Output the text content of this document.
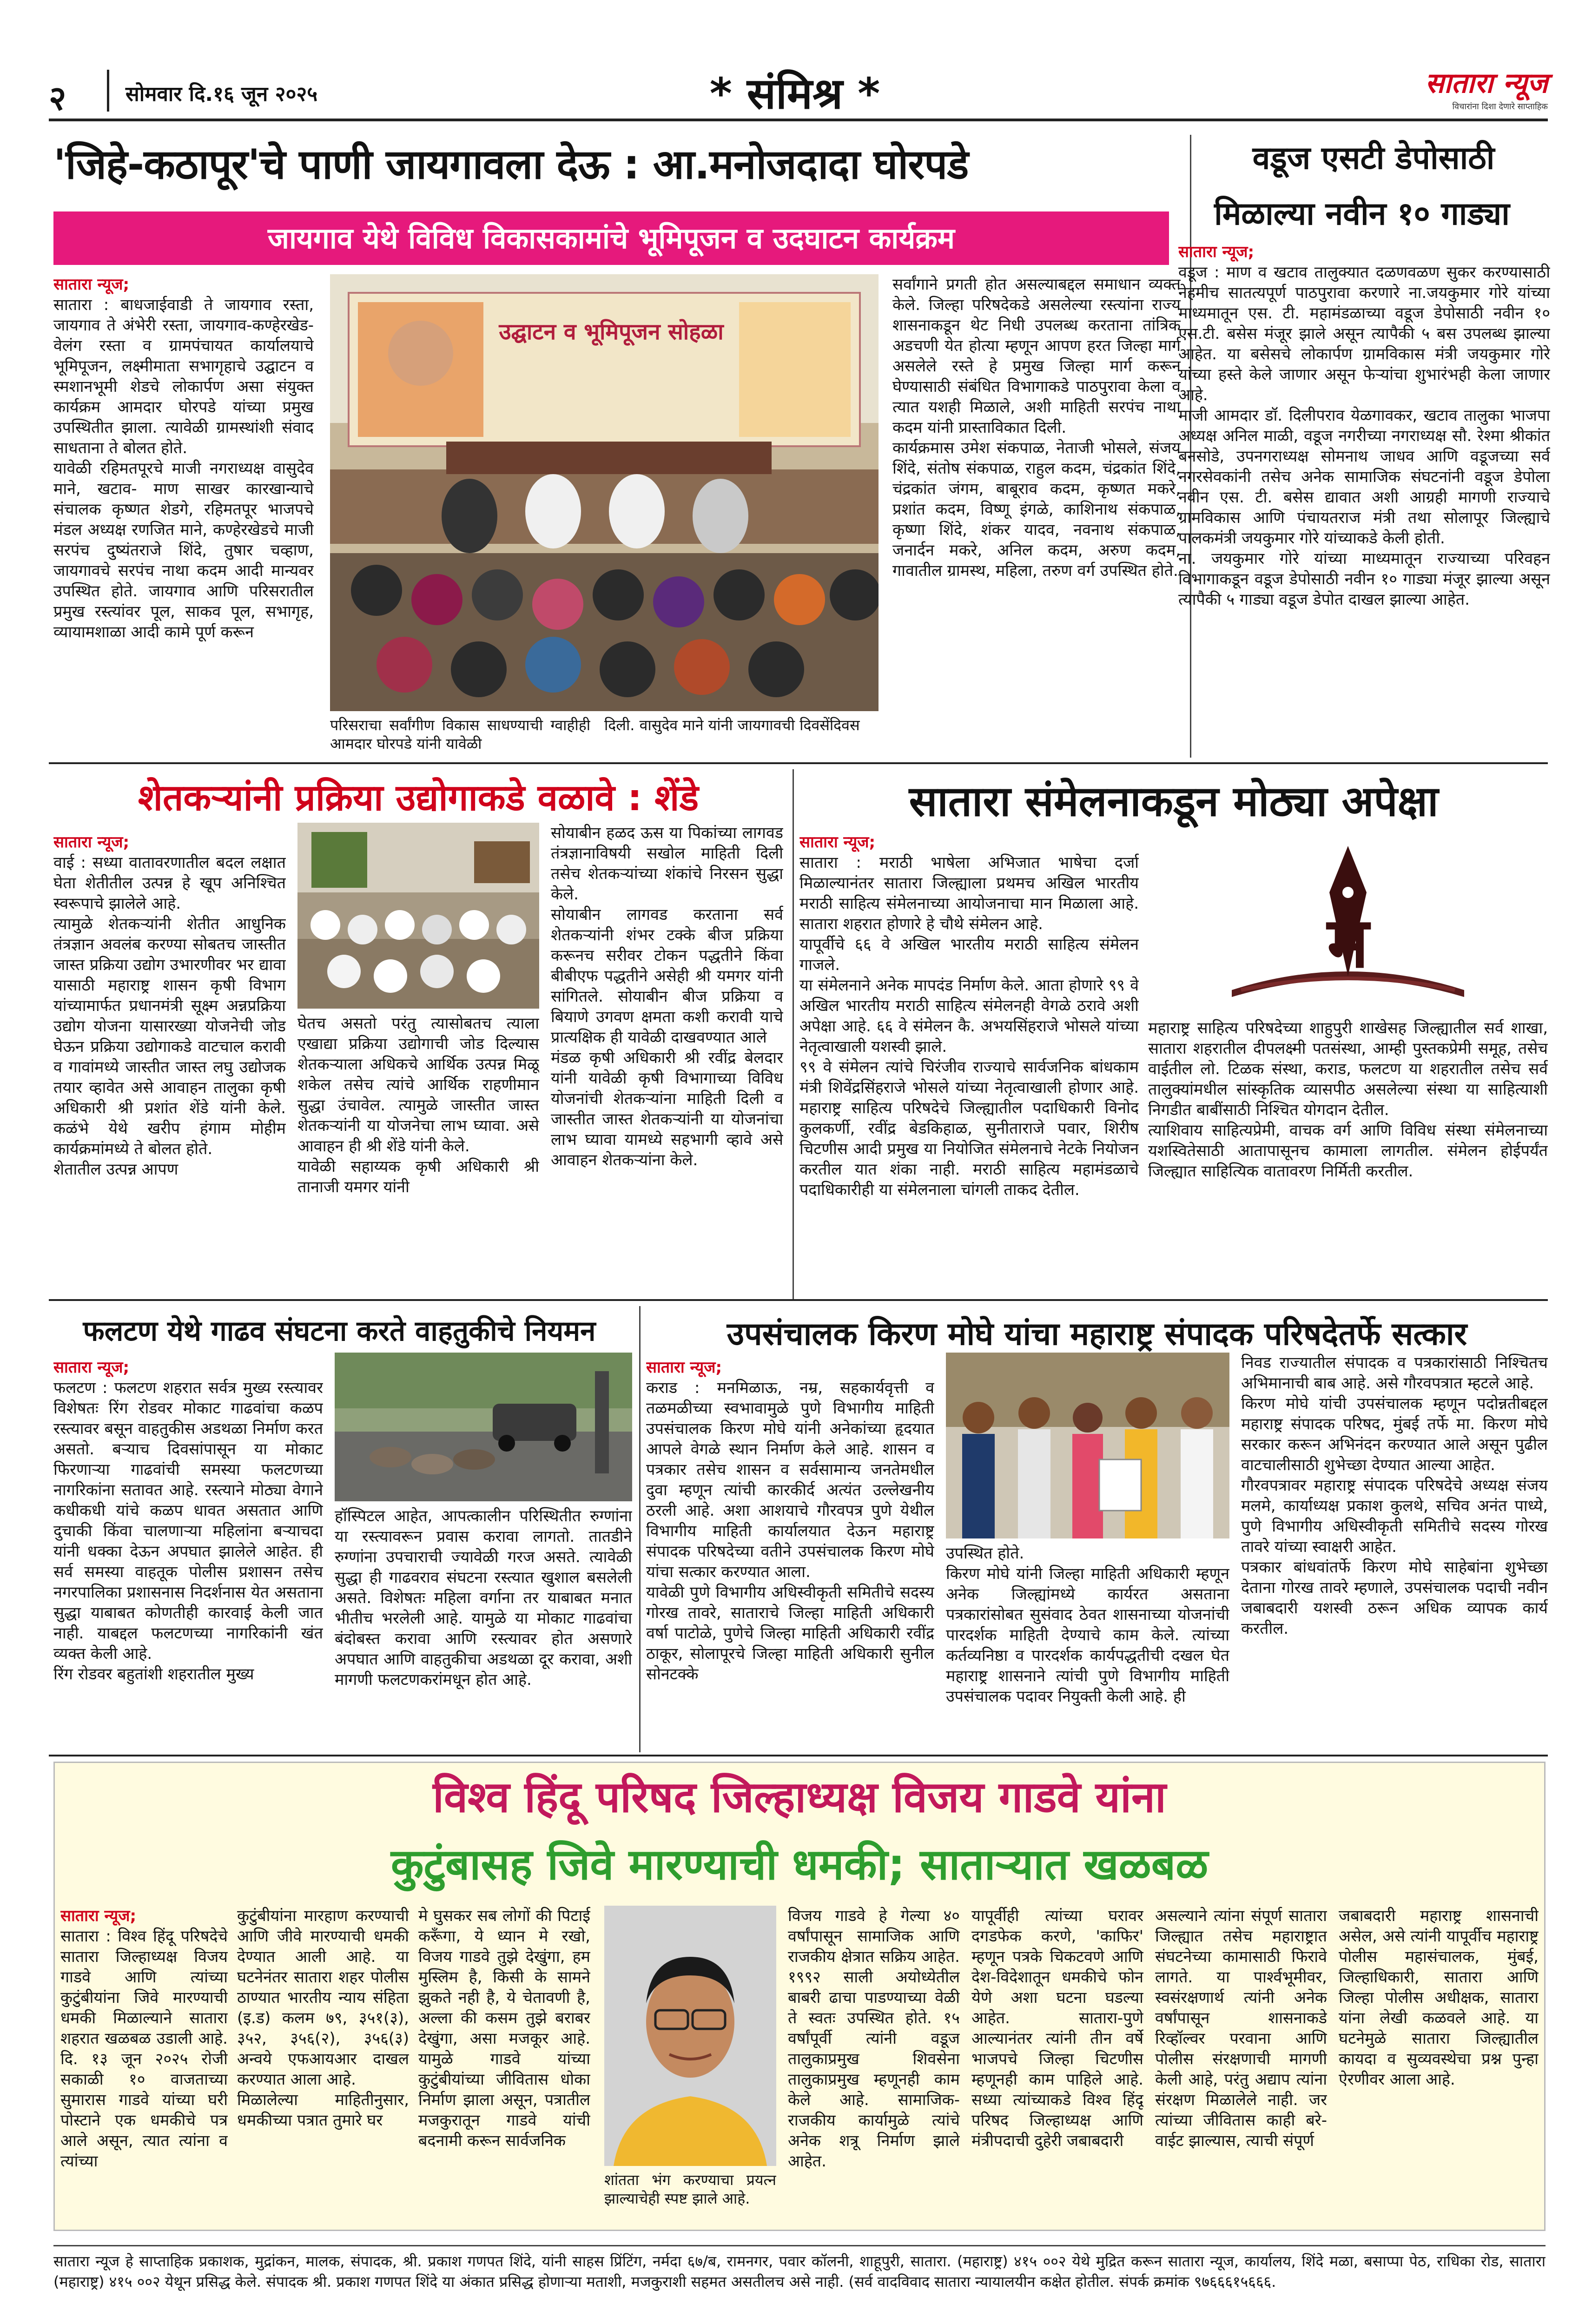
२	सोमवार दि.१६ जून २०२५	* संमिश्र *	सातारा न्यूज
विचारांना दिशा देणारे साप्ताहिक
'जिहे-कठापूर'चे पाणी जायगावला देऊ : आ.मनोजदादा घोरपडे
जायगाव येथे विविध विकासकामांचे भूमिपूजन व उदघाटन कार्यक्रम
सातारा न्यूज;
सातारा : बाधजाईवाडी ते जायगाव रस्ता, जायगाव ते अंभेरी रस्ता, जायगाव-कण्हेरखेड- वेलंग रस्ता व ग्रामपंचायत कार्यालयाचे भूमिपूजन, लक्ष्मीमाता सभागृहाचे उद्घाटन व स्मशानभूमी शेडचे लोकार्पण असा संयुक्त कार्यक्रम आमदार घोरपडे यांच्या प्रमुख उपस्थितीत झाला. त्यावेळी ग्रामस्थांशी संवाद साधताना ते बोलत होते.
यावेळी रहिमतपूरचे माजी नगराध्यक्ष वासुदेव माने, खटाव- माण साखर कारखान्याचे संचालक कृष्णत शेडगे, रहिमतपूर भाजपचे मंडल अध्यक्ष रणजित माने, कण्हेरखेडचे माजी सरपंच दुष्यंतराजे शिंदे, तुषार चव्हाण, जायगावचे सरपंच नाथा कदम आदी मान्यवर उपस्थित होते. जायगाव आणि परिसरातील प्रमुख रस्त्यांवर पूल, साकव पूल, सभागृह, व्यायामशाळा आदी कामे पूर्ण करून
उद्घाटन व भूमिपूजन सोहळा
परिसराचा सर्वांगीण विकास साधण्याची ग्वाहीही आमदार घोरपडे यांनी यावेळी
दिली. वासुदेव माने यांनी जायगावची दिवसेंदिवस
सर्वांगाने प्रगती होत असल्याबद्दल समाधान व्यक्त केले. जिल्हा परिषदेकडे असलेल्या रस्त्यांना राज्य शासनाकडून थेट निधी उपलब्ध करताना तांत्रिक अडचणी येत होत्या म्हणून आपण हरत जिल्हा मार्ग असलेले रस्ते हे प्रमुख जिल्हा मार्ग करून घेण्यासाठी संबंधित विभागाकडे पाठपुरावा केला व त्यात यशही मिळाले, अशी माहिती सरपंच नाथा कदम यांनी प्रास्ताविकात दिली.
कार्यक्रमास उमेश संकपाळ, नेताजी भोसले, संजय शिंदे, संतोष संकपाळ, राहुल कदम, चंद्रकांत शिंदे, चंद्रकांत जंगम, बाबूराव कदम, कृष्णत मकरे, प्रशांत कदम, विष्णू इंगळे, काशिनाथ संकपाळ, कृष्णा शिंदे, शंकर यादव, नवनाथ संकपाळ, जनार्दन मकरे, अनिल कदम, अरुण कदम, गावातील ग्रामस्थ, महिला, तरुण वर्ग उपस्थित होते.
वडूज एसटी डेपोसाठी
मिळाल्या नवीन १० गाड्या
सातारा न्यूज;
वडूज : माण व खटाव तालुक्यात दळणवळण सुकर करण्यासाठी नेहमीच सातत्यपूर्ण पाठपुरावा करणारे ना.जयकुमार गोरे यांच्या माध्यमातून एस. टी. महामंडळाच्या वडूज डेपोसाठी नवीन १० एस.टी. बसेस मंजूर झाले असून त्यापैकी ५ बस उपलब्ध झाल्या आहेत. या बसेसचे लोकार्पण ग्रामविकास मंत्री जयकुमार गोरे यांच्या हस्ते केले जाणार असून फेऱ्यांचा शुभारंभही केला जाणार आहे.
माजी आमदार डॉ. दिलीपराव येळगावकर, खटाव तालुका भाजपा अध्यक्ष अनिल माळी, वडूज नगरीच्या नगराध्यक्ष सौ. रेश्मा श्रीकांत बनसोडे, उपनगराध्यक्ष सोमनाथ जाधव आणि वडूजच्या सर्व नगरसेवकांनी तसेच अनेक सामाजिक संघटनांनी वडूज डेपोला नवीन एस. टी. बसेस द्यावात अशी आग्रही मागणी राज्याचे ग्रामविकास आणि पंचायतराज मंत्री तथा सोलापूर जिल्ह्याचे पालकमंत्री जयकुमार गोरे यांच्याकडे केली होती.
ना. जयकुमार गोरे यांच्या माध्यमातून राज्याच्या परिवहन विभागाकडून वडूज डेपोसाठी नवीन १० गाड्या मंजूर झाल्या असून त्यापैकी ५ गाड्या वडूज डेपोत दाखल झाल्या आहेत.
शेतकऱ्यांनी प्रक्रिया उद्योगाकडे वळावे : शेंडे
सातारा न्यूज;
वाई : सध्या वातावरणातील बदल लक्षात घेता शेतीतील उत्पन्न हे खूप अनिश्चित स्वरूपाचे झालेले आहे.
त्यामुळे शेतकऱ्यांनी शेतीत आधुनिक तंत्रज्ञान अवलंब करण्या सोबतच जास्तीत जास्त प्रक्रिया उद्योग उभारणीवर भर द्यावा यासाठी महाराष्ट्र शासन कृषी विभाग यांच्यामार्फत प्रधानमंत्री सूक्ष्म अन्नप्रक्रिया उद्योग योजना यासारख्या योजनेची जोड घेऊन प्रक्रिया उद्योगाकडे वाटचाल करावी व गावांमध्ये जास्तीत जास्त लघु उद्योजक तयार व्हावेत असे आवाहन तालुका कृषी अधिकारी श्री प्रशांत शेंडे यांनी केले. कळंभे येथे खरीप हंगाम मोहीम कार्यक्रमांमध्ये ते बोलत होते.
शेतातील उत्पन्न आपण
घेतच असतो परंतु त्यासोबतच त्याला एखाद्या प्रक्रिया उद्योगाची जोड दिल्यास शेतकऱ्याला अधिकचे आर्थिक उत्पन्न मिळू शकेल तसेच त्यांचे आर्थिक राहणीमान सुद्धा उंचावेल. त्यामुळे जास्तीत जास्त शेतकऱ्यांनी या योजनेचा लाभ घ्यावा. असे आवाहन ही श्री शेंडे यांनी केले.
यावेळी सहाय्यक कृषी अधिकारी श्री तानाजी यमगर यांनी
सोयाबीन हळद ऊस या पिकांच्या लागवड तंत्रज्ञानाविषयी सखोल माहिती दिली तसेच शेतकऱ्यांच्या शंकांचे निरसन सुद्धा केले.
सोयाबीन लागवड करताना सर्व शेतकऱ्यांनी शंभर टक्के बीज प्रक्रिया करूनच सरीवर टोकन पद्धतीने किंवा बीबीएफ पद्धतीने असेही श्री यमगर यांनी सांगितले. सोयाबीन बीज प्रक्रिया व बियाणे उगवण क्षमता कशी करावी याचे प्रात्यक्षिक ही यावेळी दाखवण्यात आले
मंडळ कृषी अधिकारी श्री रवींद्र बेलदार यांनी यावेळी कृषी विभागाच्या विविध योजनांची शेतकऱ्यांना माहिती दिली व जास्तीत जास्त शेतकऱ्यांनी या योजनांचा लाभ घ्यावा यामध्ये सहभागी व्हावे असे आवाहन शेतकऱ्यांना केले.
सातारा संमेलनाकडून मोठ्या अपेक्षा
सातारा न्यूज;
सातारा : मराठी भाषेला अभिजात भाषेचा दर्जा मिळाल्यानंतर सातारा जिल्ह्याला प्रथमच अखिल भारतीय मराठी साहित्य संमेलनाच्या आयोजनाचा मान मिळाला आहे. सातारा शहरात होणारे हे चौथे संमेलन आहे.
यापूर्वीचे ६६ वे अखिल भारतीय मराठी साहित्य संमेलन गाजले.
या संमेलनाने अनेक मापदंड निर्माण केले. आता होणारे ९९ वे अखिल भारतीय मराठी साहित्य संमेलनही वेगळे ठरावे अशी अपेक्षा आहे. ६६ वे संमेलन कै. अभयसिंहराजे भोसले यांच्या नेतृत्वाखाली यशस्वी झाले.
९९ वे संमेलन त्यांचे चिरंजीव राज्याचे सार्वजनिक बांधकाम मंत्री शिवेंद्रसिंहराजे भोसले यांच्या नेतृत्वाखाली होणार आहे. महाराष्ट्र साहित्य परिषदेचे जिल्ह्यातील पदाधिकारी विनोद कुलकर्णी, रवींद्र बेडकिहाळ, सुनीताराजे पवार, शिरीष चिटणीस आदी प्रमुख या नियोजित संमेलनाचे नेटके नियोजन करतील यात शंका नाही. मराठी साहित्य महामंडळाचे पदाधिकारीही या संमेलनाला चांगली ताकद देतील.
म
महाराष्ट्र साहित्य परिषदेच्या शाहुपुरी शाखेसह जिल्ह्यातील सर्व शाखा, सातारा शहरातील दीपलक्ष्मी पतसंस्था, आम्ही पुस्तकप्रेमी समूह, तसेच वाईतील लो. टिळक संस्था, कराड, फलटण या शहरातील तसेच सर्व तालुक्यांमधील सांस्कृतिक व्यासपीठ असलेल्या संस्था या साहित्याशी निगडीत बाबींसाठी निश्चित योगदान देतील.
त्याशिवाय साहित्यप्रेमी, वाचक वर्ग आणि विविध संस्था संमेलनाच्या यशस्वितेसाठी आतापासूनच कामाला लागतील. संमेलन होईपर्यंत जिल्ह्यात साहित्यिक वातावरण निर्मिती करतील.
फलटण येथे गाढव संघटना करते वाहतुकीचे नियमन
सातारा न्यूज;
फलटण : फलटण शहरात सर्वत्र मुख्य रस्त्यावर विशेषतः रिंग रोडवर मोकाट गाढवांचा कळप रस्त्यावर बसून वाहतुकीस अडथळा निर्माण करत असतो. बऱ्याच दिवसांपासून या मोकाट फिरणाऱ्या गाढवांची समस्या फलटणच्या नागरिकांना सतावत आहे. रस्त्याने मोठ्या वेगाने कधीकधी यांचे कळप धावत असतात आणि दुचाकी किंवा चालणाऱ्या महिलांना बऱ्याचदा यांनी धक्का देऊन अपघात झालेले आहेत. ही सर्व समस्या वाहतूक पोलीस प्रशासन तसेच नगरपालिका प्रशासनास निदर्शनास येत असताना सुद्धा याबाबत कोणतीही कारवाई केली जात नाही. याबद्दल फलटणच्या नागरिकांनी खंत व्यक्त केली आहे.
रिंग रोडवर बहुतांशी शहरातील मुख्य
हॉस्पिटल आहेत, आपत्कालीन परिस्थितीत रुग्णांना या रस्त्यावरून प्रवास करावा लागतो. तातडीने रुग्णांना उपचाराची ज्यावेळी गरज असते. त्यावेळी सुद्धा ही गाढवराव संघटना रस्त्यात खुशाल बसलेली असते. विशेषतः महिला वर्गाना तर याबाबत मनात भीतीच भरलेली आहे. यामुळे या मोकाट गाढवांचा बंदोबस्त करावा आणि रस्त्यावर होत असणारे अपघात आणि वाहतुकीचा अडथळा दूर करावा, अशी मागणी फलटणकरांमधून होत आहे.
उपसंचालक किरण मोघे यांचा महाराष्ट्र संपादक परिषदेतर्फे सत्कार
सातारा न्यूज;
कराड : मनमिळाऊ, नम्र, सहकार्यवृत्ती व तळमळीच्या स्वभावामुळे पुणे विभागीय माहिती उपसंचालक किरण मोघे यांनी अनेकांच्या हृदयात आपले वेगळे स्थान निर्माण केले आहे. शासन व पत्रकार तसेच शासन व सर्वसामान्य जनतेमधील दुवा म्हणून त्यांची कारकीर्द अत्यंत उल्लेखनीय ठरली आहे. अशा आशयाचे गौरवपत्र पुणे येथील विभागीय माहिती कार्यालयात देऊन महाराष्ट्र संपादक परिषदेच्या वतीने उपसंचालक किरण मोघे यांचा सत्कार करण्यात आला.
यावेळी पुणे विभागीय अधिस्वीकृती समितीचे सदस्य गोरख तावरे, साताराचे जिल्हा माहिती अधिकारी वर्षा पाटोळे, पुणेचे जिल्हा माहिती अधिकारी रवींद्र ठाकूर, सोलापूरचे जिल्हा माहिती अधिकारी सुनील सोनटक्के
उपस्थित होते.
किरण मोघे यांनी जिल्हा माहिती अधिकारी म्हणून अनेक जिल्ह्यांमध्ये कार्यरत असताना पत्रकारांसोबत सुसंवाद ठेवत शासनाच्या योजनांची पारदर्शक माहिती देण्याचे काम केले. त्यांच्या कर्तव्यनिष्ठा व पारदर्शक कार्यपद्धतीची दखल घेत महाराष्ट्र शासनाने त्यांची पुणे विभागीय माहिती उपसंचालक पदावर नियुक्ती केली आहे. ही
निवड राज्यातील संपादक व पत्रकारांसाठी निश्चितच अभिमानाची बाब आहे. असे गौरवपत्रात म्हटले आहे.
किरण मोघे यांची उपसंचालक म्हणून पदोन्नतीबद्दल महाराष्ट्र संपादक परिषद, मुंबई तर्फे मा. किरण मोघे सरकार करून अभिनंदन करण्यात आले असून पुढील वाटचालीसाठी शुभेच्छा देण्यात आल्या आहेत.
गौरवपत्रावर महाराष्ट्र संपादक परिषदेचे अध्यक्ष संजय मलमे, कार्याध्यक्ष प्रकाश कुलथे, सचिव अनंत पाध्ये, पुणे विभागीय अधिस्वीकृती समितीचे सदस्य गोरख तावरे यांच्या स्वाक्षरी आहेत.
पत्रकार बांधवांतर्फे किरण मोघे साहेबांना शुभेच्छा देताना गोरख तावरे म्हणाले, उपसंचालक पदाची नवीन जबाबदारी यशस्वी ठरून अधिक व्यापक कार्य करतील.
विश्व हिंदू परिषद जिल्हाध्यक्ष विजय गाडवे यांना
कुटुंबासह जिवे मारण्याची धमकी; साताऱ्यात खळबळ
सातारा न्यूज;
सातारा : विश्व हिंदू परिषदेचे सातारा जिल्हाध्यक्ष विजय गाडवे आणि त्यांच्या कुटुंबीयांना जिवे मारण्याची धमकी मिळाल्याने सातारा शहरात खळबळ उडाली आहे. दि. १३ जून २०२५ रोजी सकाळी १० वाजताच्या सुमारास गाडवे यांच्या घरी पोस्टाने एक धमकीचे पत्र आले असून, त्यात त्यांना व त्यांच्या
कुटुंबीयांना मारहाण करण्याची आणि जीवे मारण्याची धमकी देण्यात आली आहे. या घटनेनंतर सातारा शहर पोलीस ठाण्यात भारतीय न्याय संहिता (इ.ड) कलम ७९, ३५१(३), ३५२, ३५६(२), ३५६(३) अन्वये एफआयआर दाखल करण्यात आला आहे.
मिळालेल्या माहितीनुसार, धमकीच्या पत्रात तुमारे घर
मे घुसकर सब लोगों की पिटाई करूँगा, ये ध्यान मे रखो, विजय गाडवे तुझे देखुंगा, हम मुस्लिम है, किसी के सामने झुकते नही है, ये चेतावणी है, अल्ला की कसम तुझे बराबर देखुंगा, असा मजकूर आहे. यामुळे गाडवे यांच्या कुटुंबीयांच्या जीवितास धोका निर्माण झाला असून, पत्रातील मजकुरातून गाडवे यांची बदनामी करून सार्वजनिक
शांतता भंग करण्याचा प्रयत्न झाल्याचेही स्पष्ट झाले आहे.
विजय गाडवे हे गेल्या ४० वर्षांपासून सामाजिक आणि राजकीय क्षेत्रात सक्रिय आहेत. १९९२ साली अयोध्येतील बाबरी ढाचा पाडण्याच्या वेळी ते स्वतः उपस्थित होते. १५ वर्षांपूर्वी त्यांनी वडूज तालुकाप्रमुख शिवसेना तालुकाप्रमुख म्हणूनही काम केले आहे. सामाजिक-राजकीय कार्यामुळे त्यांचे अनेक शत्रू निर्माण झाले आहेत.
यापूर्वीही त्यांच्या घरावर दगडफेक करणे, 'काफिर' म्हणून पत्रके चिकटवणे आणि देश-विदेशातून धमकीचे फोन येणे अशा घटना घडल्या आहेत. सातारा-पुणे आल्यानंतर त्यांनी तीन वर्षे भाजपचे जिल्हा चिटणीस म्हणूनही काम पाहिले आहे. सध्या त्यांच्याकडे विश्व हिंदू परिषद जिल्हाध्यक्ष आणि मंत्रीपदाची दुहेरी जबाबदारी
असल्याने त्यांना संपूर्ण सातारा जिल्ह्यात तसेच महाराष्ट्रात संघटनेच्या कामासाठी फिरावे लागते. या पार्श्वभूमीवर, स्वसंरक्षणार्थ त्यांनी अनेक वर्षांपासून शासनाकडे रिव्हॉल्वर परवाना आणि पोलीस संरक्षणाची मागणी केली आहे, परंतु अद्याप त्यांना संरक्षण मिळालेले नाही. जर त्यांच्या जीवितास काही बरे-वाईट झाल्यास, त्याची संपूर्ण
जबाबदारी महाराष्ट्र शासनाची असेल, असे त्यांनी यापूर्वीच महाराष्ट्र पोलीस महासंचालक, मुंबई, जिल्हाधिकारी, सातारा आणि जिल्हा पोलीस अधीक्षक, सातारा यांना लेखी कळवले आहे. या घटनेमुळे सातारा जिल्ह्यातील कायदा व सुव्यवस्थेचा प्रश्न पुन्हा ऐरणीवर आला आहे.
सातारा न्यूज हे साप्ताहिक प्रकाशक, मुद्रांकन, मालक, संपादक, श्री. प्रकाश गणपत शिंदे, यांनी साहस प्रिंटिंग, नर्मदा ६७/ब, रामनगर, पवार कॉलनी, शाहूपुरी, सातारा. (महाराष्ट्र) ४१५ ००२ येथे मुद्रित करून सातारा न्यूज, कार्यालय, शिंदे मळा, बसाप्पा पेठ, राधिका रोड, सातारा (महाराष्ट्र) ४१५ ००२ येथून प्रसिद्ध केले. संपादक श्री. प्रकाश गणपत शिंदे या अंकात प्रसिद्ध होणाऱ्या मताशी, मजकुराशी सहमत असतीलच असे नाही. (सर्व वादविवाद सातारा न्यायालयीन कक्षेत होतील. संपर्क क्रमांक ९७६६६१५६६६.
